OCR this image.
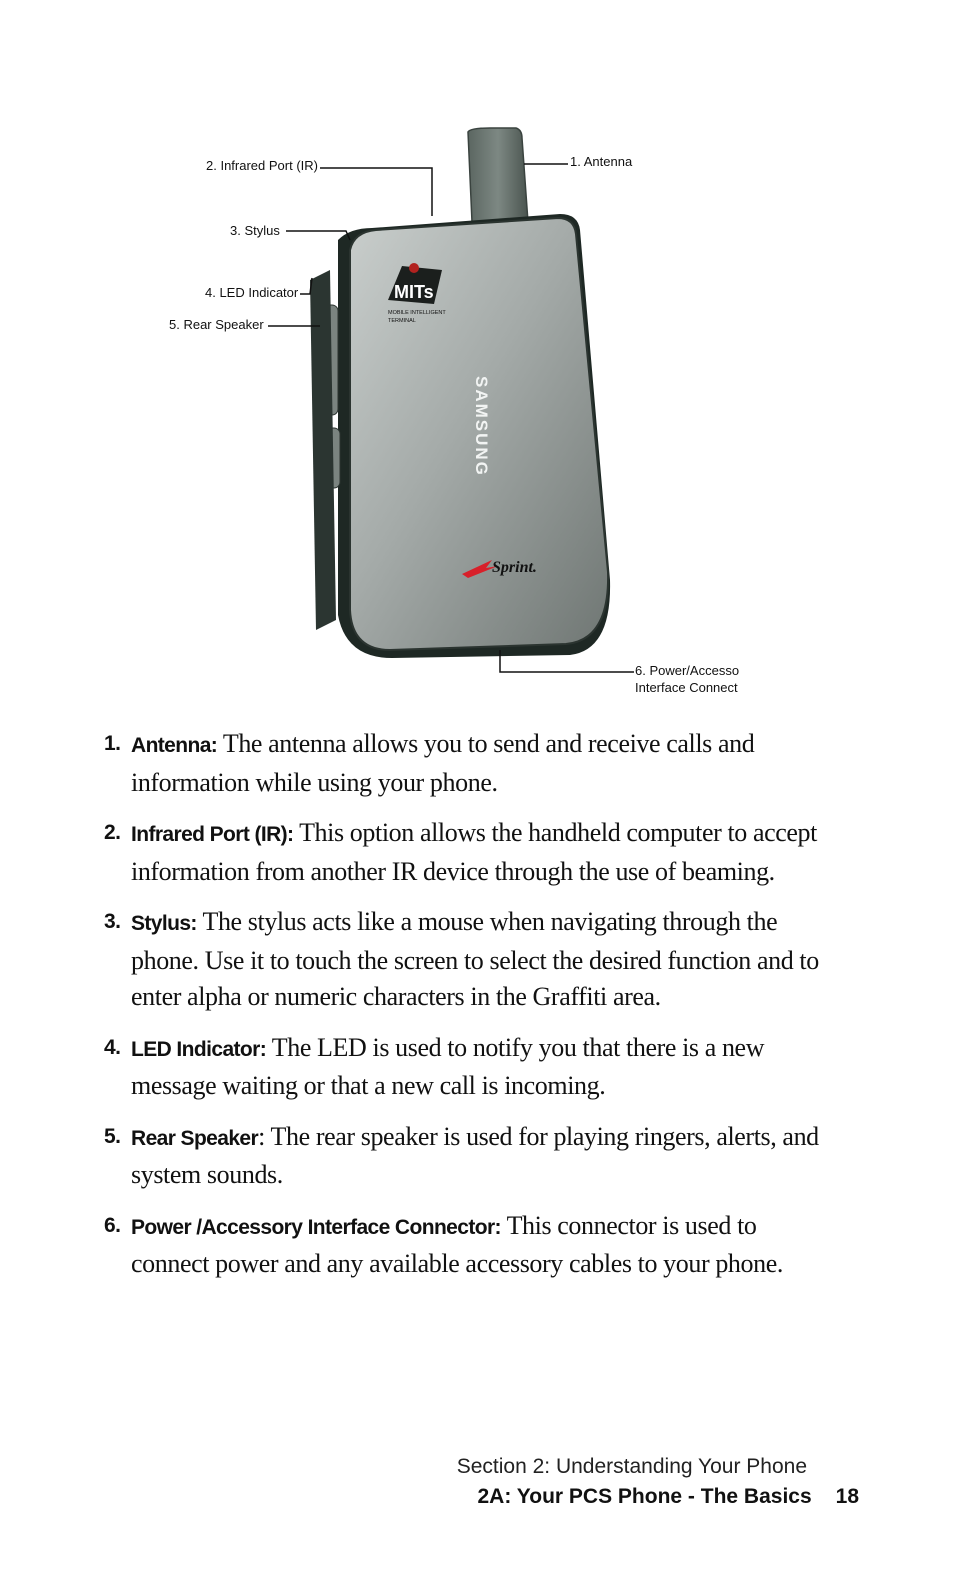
MITs
MOBILE INTELLIGENT
TERMINAL
SAMSUNG
Sprint.
2. Infrared Port (IR)	1. Antenna
3. Stylus
4. LED Indicator
5. Rear Speaker
6. Power/Accesso
Interface Connect
1. Antenna: The antenna allows you to send and receive calls and information while using your phone.
2. Infrared Port (IR): This option allows the handheld computer to accept information from another IR device through the use of beaming.
3. Stylus: The stylus acts like a mouse when navigating through the phone. Use it to touch the screen to select the desired function and to enter alpha or numeric characters in the Graffiti area.
4. LED Indicator: The LED is used to notify you that there is a new message waiting or that a new call is incoming.
5. Rear Speaker: The rear speaker is used for playing ringers, alerts, and system sounds.
6. Power /Accessory Interface Connector: This connector is used to connect power and any available accessory cables to your phone.
Section 2: Understanding Your Phone
2A: Your PCS Phone - The Basics 18
